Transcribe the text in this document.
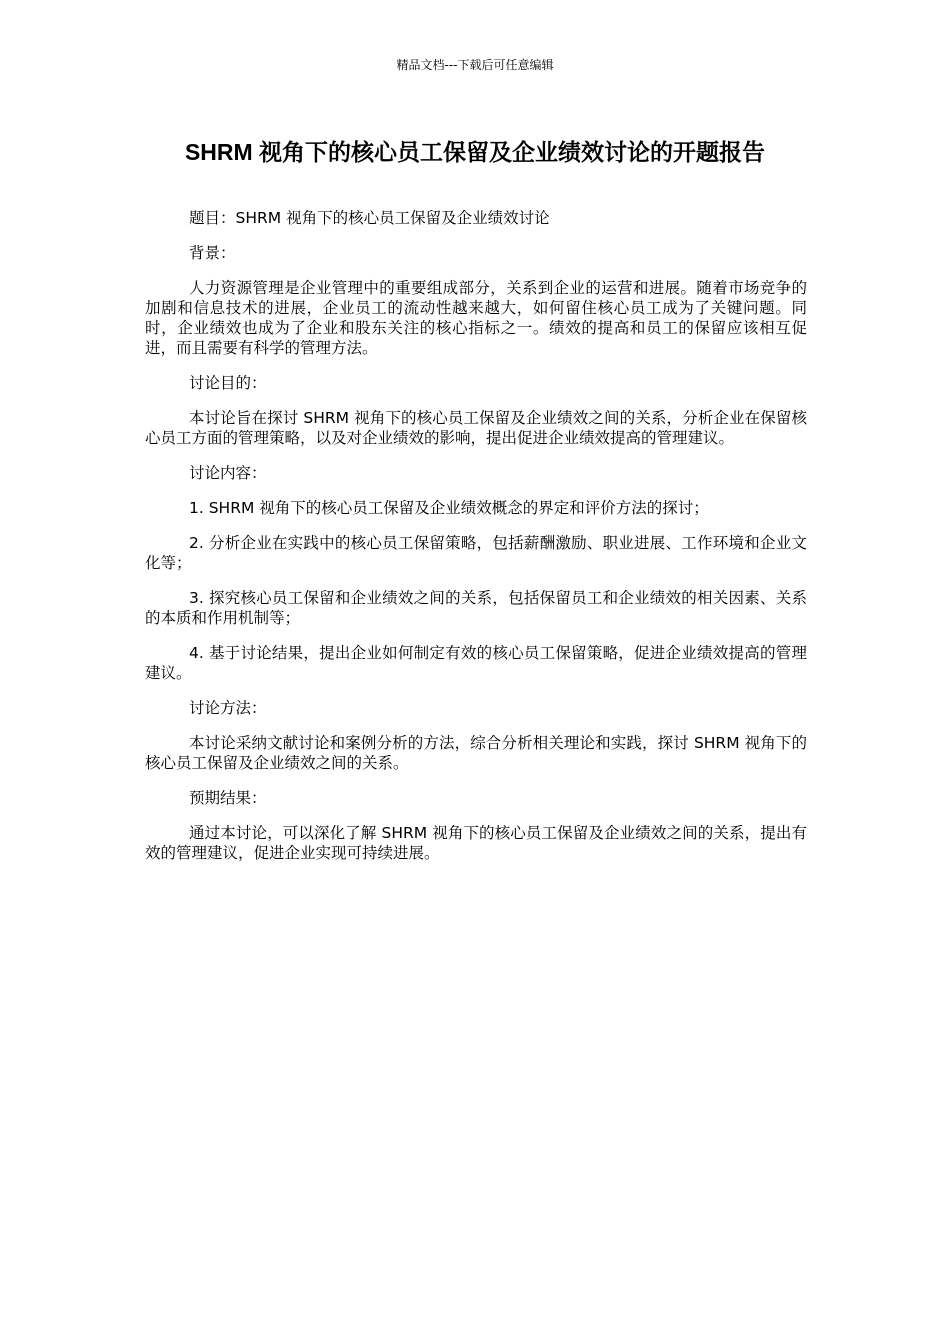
精品文档---下载后可任意编辑
SHRM 视角下的核心员工保留及企业绩效讨论的开题报告

题目：SHRM 视角下的核心员工保留及企业绩效讨论

背景：

人力资源管理是企业管理中的重要组成部分，关系到企业的运营和进展。随着市场竞争的加剧和信息技术的进展，企业员工的流动性越来越大，如何留住核心员工成为了关键问题。同时，企业绩效也成为了企业和股东关注的核心指标之一。绩效的提高和员工的保留应该相互促进，而且需要有科学的管理方法。

讨论目的：

本讨论旨在探讨 SHRM 视角下的核心员工保留及企业绩效之间的关系，分析企业在保留核心员工方面的管理策略，以及对企业绩效的影响，提出促进企业绩效提高的管理建议。

讨论内容：

1. SHRM 视角下的核心员工保留及企业绩效概念的界定和评价方法的探讨；

2. 分析企业在实践中的核心员工保留策略，包括薪酬激励、职业进展、工作环境和企业文化等；

3. 探究核心员工保留和企业绩效之间的关系，包括保留员工和企业绩效的相关因素、关系的本质和作用机制等；

4. 基于讨论结果，提出企业如何制定有效的核心员工保留策略，促进企业绩效提高的管理建议。

讨论方法：

本讨论采纳文献讨论和案例分析的方法，综合分析相关理论和实践，探讨 SHRM 视角下的核心员工保留及企业绩效之间的关系。

预期结果：

通过本讨论，可以深化了解 SHRM 视角下的核心员工保留及企业绩效之间的关系，提出有效的管理建议，促进企业实现可持续进展。
